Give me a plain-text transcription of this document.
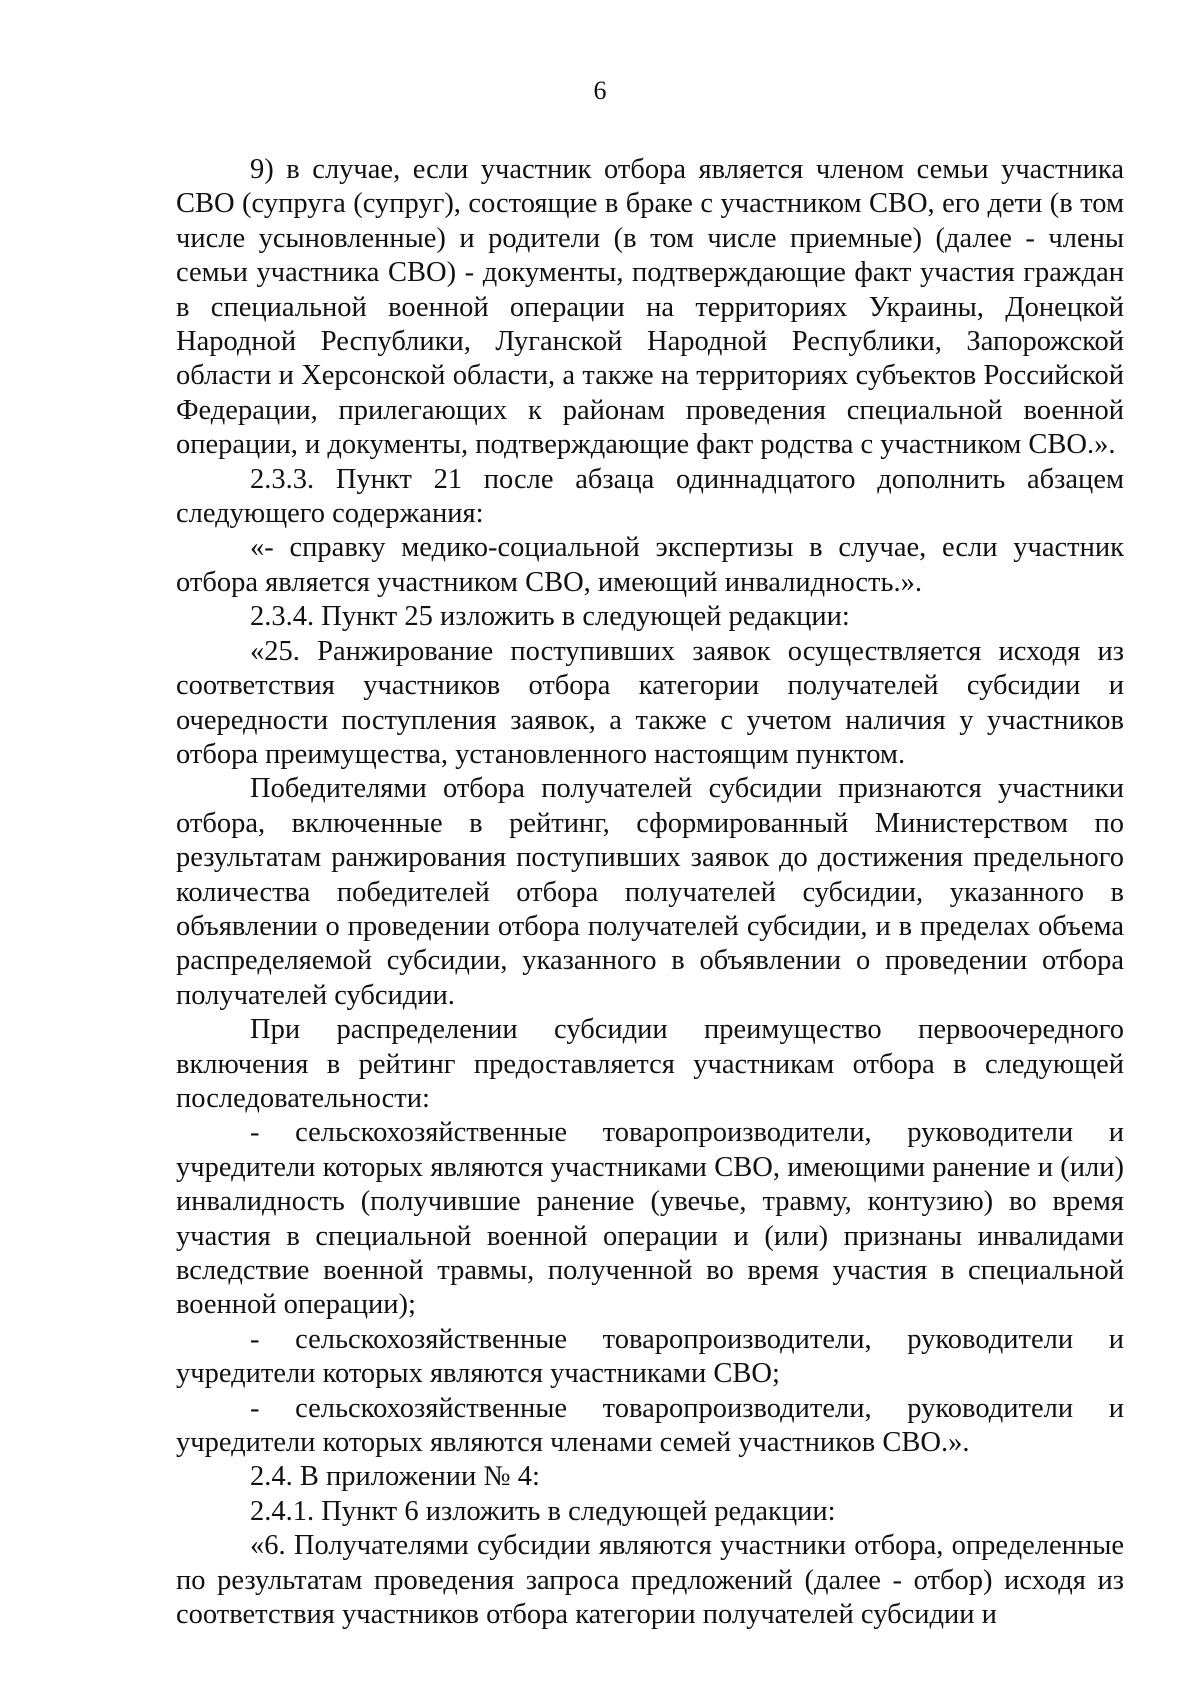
6

9) в случае, если участник отбора является членом семьи участника СВО (супруга (супруг), состоящие в браке с участником СВО, его дети (в том числе усыновленные) и родители (в том числе приемные) (далее - члены семьи участника СВО) - документы, подтверждающие факт участия граждан в специальной военной операции на территориях Украины, Донецкой Народной Республики, Луганской Народной Республики, Запорожской области и Херсонской области, а также на территориях субъектов Российской Федерации, прилегающих к районам проведения специальной военной операции, и документы, подтверждающие факт родства с участником СВО.».

2.3.3. Пункт 21 после абзаца одиннадцатого дополнить абзацем следующего содержания:

«- справку медико-социальной экспертизы в случае, если участник отбора является участником СВО, имеющий инвалидность.».

2.3.4. Пункт 25 изложить в следующей редакции:

«25. Ранжирование поступивших заявок осуществляется исходя из соответствия участников отбора категории получателей субсидии и очередности поступления заявок, а также с учетом наличия у участников отбора преимущества, установленного настоящим пунктом.

Победителями отбора получателей субсидии признаются участники отбора, включенные в рейтинг, сформированный Министерством по результатам ранжирования поступивших заявок до достижения предельного количества победителей отбора получателей субсидии, указанного в объявлении о проведении отбора получателей субсидии, и в пределах объема распределяемой субсидии, указанного в объявлении о проведении отбора получателей субсидии.

При распределении субсидии преимущество первоочередного включения в рейтинг предоставляется участникам отбора в следующей последовательности:

- сельскохозяйственные товаропроизводители, руководители и учредители которых являются участниками СВО, имеющими ранение и (или) инвалидность (получившие ранение (увечье, травму, контузию) во время участия в специальной военной операции и (или) признаны инвалидами вследствие военной травмы, полученной во время участия в специальной военной операции);

- сельскохозяйственные товаропроизводители, руководители и учредители которых являются участниками СВО;

- сельскохозяйственные товаропроизводители, руководители и учредители которых являются членами семей участников СВО.».

2.4. В приложении № 4:

2.4.1. Пункт 6 изложить в следующей редакции:

«6. Получателями субсидии являются участники отбора, определенные по результатам проведения запроса предложений (далее - отбор) исходя из соответствия участников отбора категории получателей субсидии и
